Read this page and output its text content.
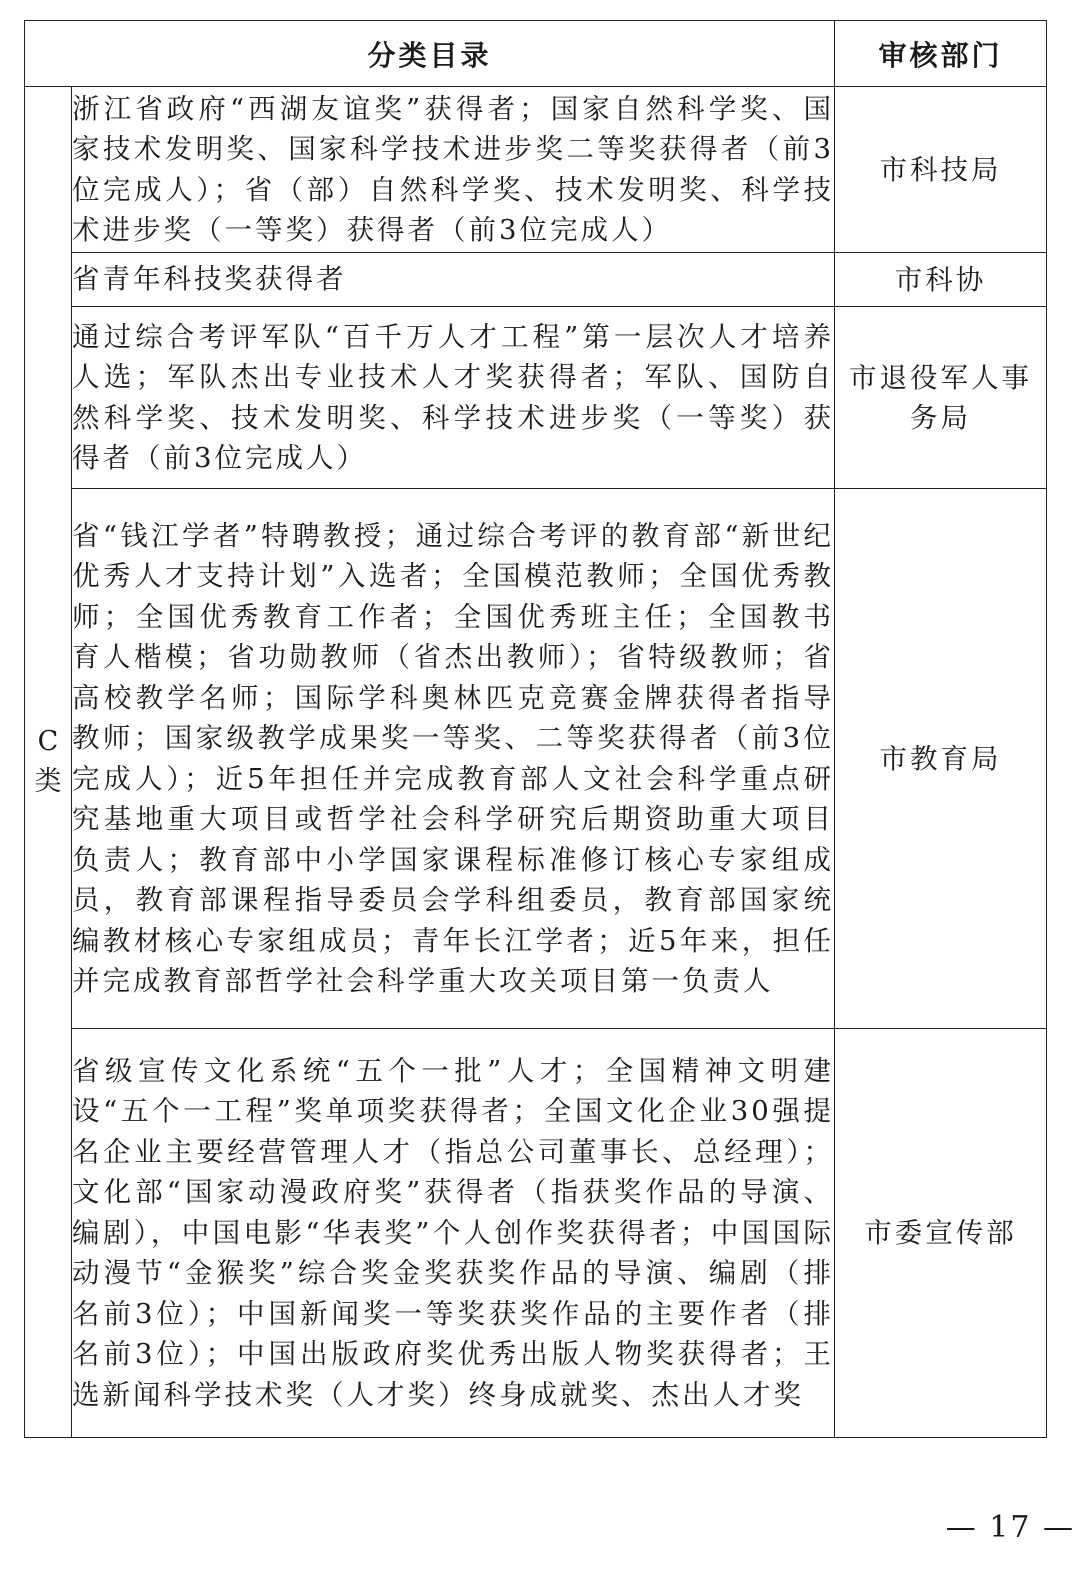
分类目录		审核部门
C
类	浙江省政府“西湖友谊奖”获得者；国家自然科学奖、国家技术发明奖、国家科学技术进步奖二等奖获得者（前3位完成人）；省（部）自然科学奖、技术发明奖、科学技术进步奖（一等奖）获得者（前3位完成人）	市科技局
	省青年科技奖获得者	市科协
	通过综合考评军队“百千万人才工程”第一层次人才培养人选；军队杰出专业技术人才奖获得者；军队、国防自然科学奖、技术发明奖、科学技术进步奖（一等奖）获得者（前3位完成人）	市退役军人事务局
	省“钱江学者”特聘教授；通过综合考评的教育部“新世纪优秀人才支持计划”入选者；全国模范教师；全国优秀教师；全国优秀教育工作者；全国优秀班主任；全国教书育人楷模；省功勋教师（省杰出教师）；省特级教师；省高校教学名师；国际学科奥林匹克竞赛金牌获得者指导教师；国家级教学成果奖一等奖、二等奖获得者（前3位完成人）；近5年担任并完成教育部人文社会科学重点研究基地重大项目或哲学社会科学研究后期资助重大项目负责人；教育部中小学国家课程标准修订核心专家组成员，教育部课程指导委员会学科组委员，教育部国家统编教材核心专家组成员；青年长江学者；近5年来，担任并完成教育部哲学社会科学重大攻关项目第一负责人	市教育局
	省级宣传文化系统“五个一批”人才；全国精神文明建设“五个一工程”奖单项奖获得者；全国文化企业30强提名企业主要经营管理人才（指总公司董事长、总经理）；文化部“国家动漫政府奖”获得者（指获奖作品的导演、编剧），中国电影“华表奖”个人创作奖获得者；中国国际动漫节“金猴奖”综合奖金奖获奖作品的导演、编剧（排名前3位）；中国新闻奖一等奖获奖作品的主要作者（排名前3位）；中国出版政府奖优秀出版人物奖获得者；王选新闻科学技术奖（人才奖）终身成就奖、杰出人才奖	市委宣传部
— 17 —
